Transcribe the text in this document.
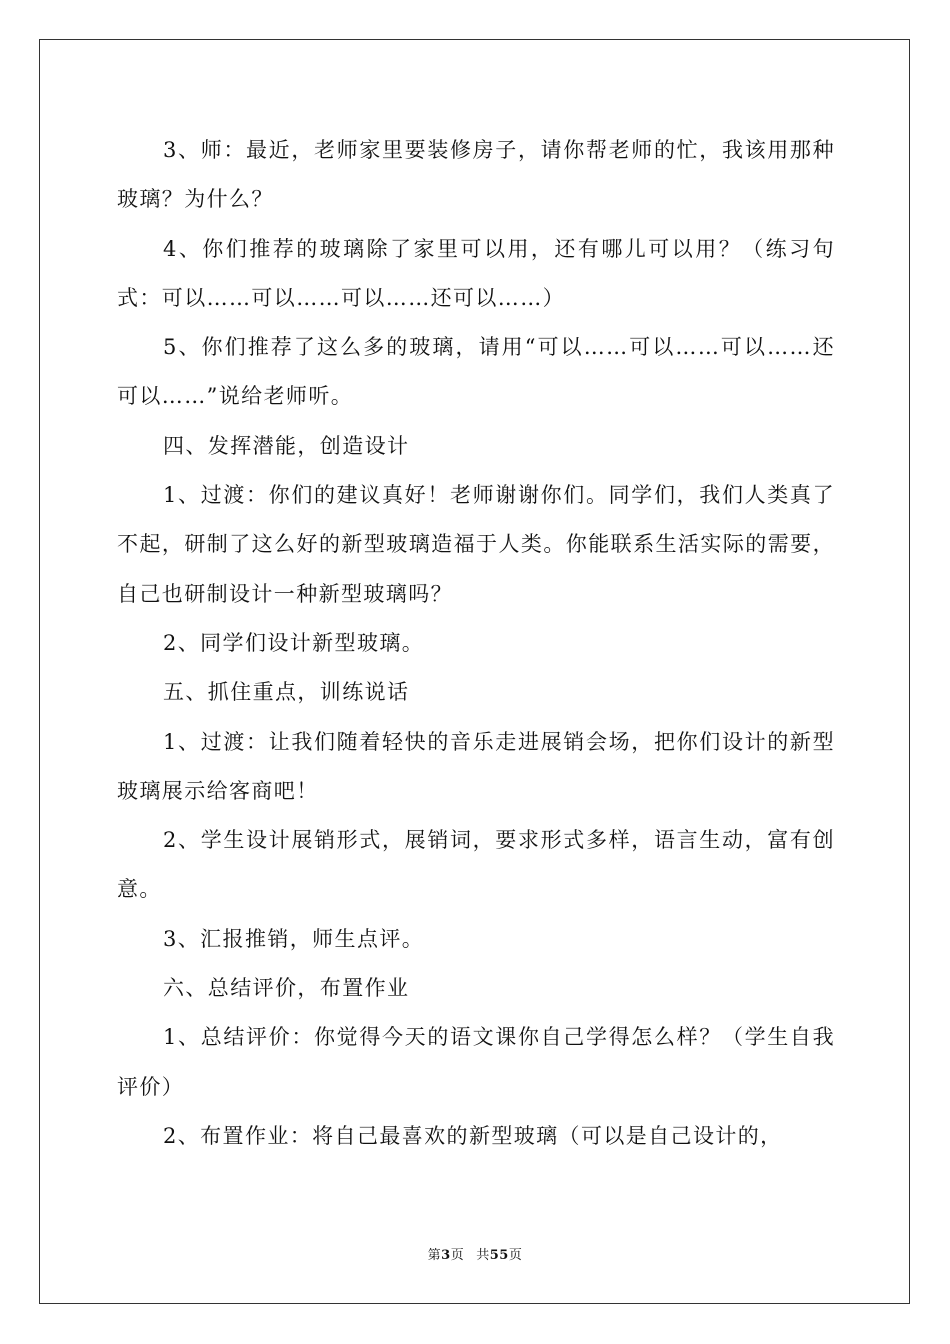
3、师：最近，老师家里要装修房子，请你帮老师的忙，我该用那种玻璃？为什么？

4、你们推荐的玻璃除了家里可以用，还有哪儿可以用？（练习句式：可以……可以……可以……还可以……）

5、你们推荐了这么多的玻璃，请用“可以……可以……可以……还可以……”说给老师听。

四、发挥潜能，创造设计

1、过渡：你们的建议真好！老师谢谢你们。同学们，我们人类真了不起，研制了这么好的新型玻璃造福于人类。你能联系生活实际的需要，自己也研制设计一种新型玻璃吗？

2、同学们设计新型玻璃。

五、抓住重点，训练说话

1、过渡：让我们随着轻快的音乐走进展销会场，把你们设计的新型玻璃展示给客商吧！

2、学生设计展销形式，展销词，要求形式多样，语言生动，富有创意。

3、汇报推销，师生点评。

六、总结评价，布置作业

1、总结评价：你觉得今天的语文课你自己学得怎么样？（学生自我评价）

2、布置作业：将自己最喜欢的新型玻璃（可以是自己设计的，

第3页 共55页
